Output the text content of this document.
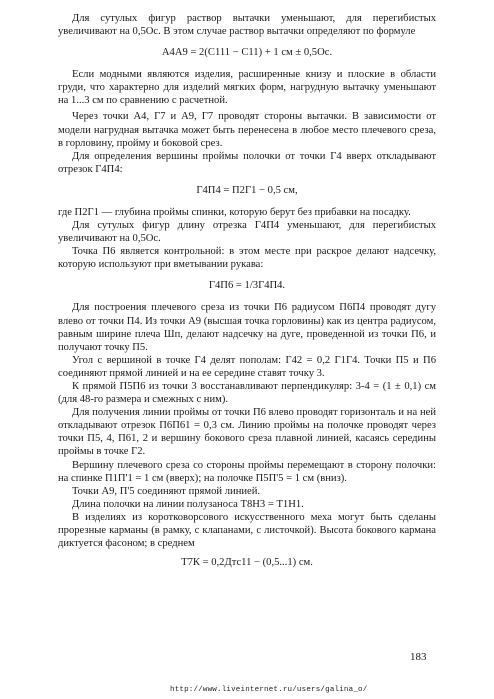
Для сутулых фигур раствор вытачки уменьшают, для перегибистых увеличивают на 0,5Ос. В этом случае раствор вытачки определяют по формуле

А4А9 = 2(С111 − С11) + 1 см ± 0,5Ос.

Если модными являются изделия, расширенные книзу и плоские в области груди, что характерно для изделий мягких форм, нагрудную вытачку уменьшают на 1...3 см по сравнению с расчетной.

Через точки А4, Г7 и А9, Г7 проводят стороны вытачки. В зависимости от модели нагрудная вытачка может быть перенесена в любое место плечевого среза, в горловину, пройму и боковой срез.

Для определения вершины проймы полочки от точки Г4 вверх откладывают отрезок Г4П4:

Г4П4 = П2Г1 − 0,5 см,

где П2Г1 — глубина проймы спинки, которую берут без прибавки на посадку.

Для сутулых фигур длину отрезка Г4П4 уменьшают, для перегибистых увеличивают на 0,5Ос.

Точка П6 является контрольной: в этом месте при раскрое делают надсечку, которую используют при вметывании рукава:

Г4П6 = 1/3Г4П4.

Для построения плечевого среза из точки П6 радиусом П6П4 проводят дугу влево от точки П4. Из точки А9 (высшая точка горловины) как из центра радиусом, равным ширине плеча Шп, делают надсечку на дуге, проведенной из точки П6, и получают точку П5.

Угол с вершиной в точке Г4 делят пополам: Г42 = 0,2 Г1Г4. Точки П5 и П6 соединяют прямой линией и на ее середине ставят точку 3.

К прямой П5П6 из точки 3 восстанавливают перпендикуляр: 3-4 = (1 ± 0,1) см (для 48-го размера и смежных с ним).

Для получения линии проймы от точки П6 влево проводят горизонталь и на ней откладывают отрезок П6П61 = 0,3 см. Линию проймы на полочке проводят через точки П5, 4, П61, 2 и вершину бокового среза плавной линией, касаясь середины проймы в точке Г2.

Вершину плечевого среза со стороны проймы перемещают в сторону полочки: на спинке П1П'1 = 1 см (вверх); на полочке П5П'5 = 1 см (вниз).

Точки А9, П'5 соединяют прямой линией.

Длина полочки на линии полузаноса Т8Н3 = Т1Н1.

В изделиях из коротковорсового искусственного меха могут быть сделаны прорезные карманы (в рамку, с клапанами, с листочкой). Высота бокового кармана диктуется фасоном; в среднем

Т7К = 0,2Дтс11 − (0,5...1) см.

183
http://www.liveinternet.ru/users/galina_o/
